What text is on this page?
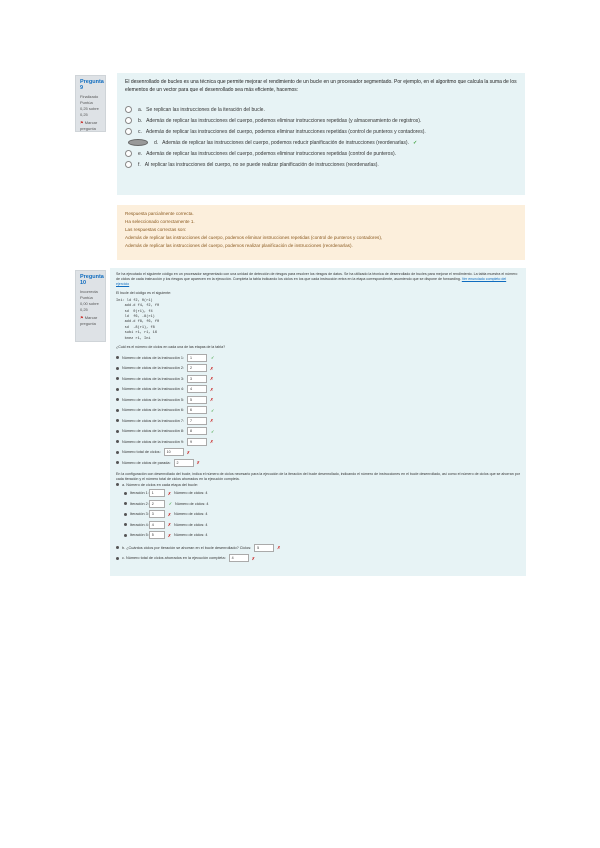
Pregunta 9
Finalizado
Puntúa 0,25 sobre 0,25
⚑ Marcar pregunta
El desenrollado de bucles es una técnica que permite mejorar el rendimiento de un bucle en un procesador segmentado. Por ejemplo, en el algoritmo que calcula la suma de los elementos de un vector para que el desenrollado sea más eficiente, hacemos:
a. Se replican las instrucciones de la iteración del bucle.
b. Además de replicar las instrucciones del cuerpo, podemos eliminar instrucciones repetidas (y almacenamiento de registros).
c. Además de replicar las instrucciones del cuerpo, podemos eliminar instrucciones repetidas (control de punteros y contadores).
d. Además de replicar las instrucciones del cuerpo, podemos reducir planificación de instrucciones (reordenarlas). ✓
e. Además de replicar las instrucciones del cuerpo, podemos eliminar instrucciones repetidas (control de punteros).
f. Al replicar las instrucciones del cuerpo, no se puede realizar planificación de instrucciones (reordenarlas).
Respuesta parcialmente correcta.
Ha seleccionado correctamente 1.
Las respuestas correctas son:
Además de replicar las instrucciones del cuerpo, podemos eliminar instrucciones repetidas (control de punteros y contadores),
Además de replicar las instrucciones del cuerpo, podemos realizar planificación de instrucciones (reordenarlas).
Pregunta 10
Incorrecta
Puntúa 0,00 sobre 0,25
⚑ Marcar pregunta
Se ha ejecutado el siguiente código en un procesador segmentado con una unidad de detección de riesgos para resolver los riesgos de datos. Se ha utilizado la técnica de desenrollado de bucles para mejorar el rendimiento. La tabla muestra el número de ciclos de cada instrucción y los riesgos que aparecen en la ejecución. Completa la tabla indicando los ciclos en los que cada instrucción entra en la etapa correspondiente, asumiendo que se dispone de forwarding. Ver enunciado completo del ejercicio
El bucle del código es el siguiente:
Ini: ld f2, 0(r1)
add.d f4, f2, f0
sd  0(r1), f4
ld  f6, -8(r1)
add.d f8, f6, f0
sd  -8(r1), f8
subi r1, r1, 16
bnez r1, Ini
¿Cuál es el número de ciclos en cada una de las etapas de la tabla?
Número de ciclos de la instrucción 1:	1	✓
Número de ciclos de la instrucción 2:	2	✗
Número de ciclos de la instrucción 3:	3	✗
Número de ciclos de la instrucción 4:	4	✗
Número de ciclos de la instrucción 5:	5	✗
Número de ciclos de la instrucción 6:	6	✓
Número de ciclos de la instrucción 7:	7	✗
Número de ciclos de la instrucción 8:	8	✓
Número de ciclos de la instrucción 9:	9	✗
Número total de ciclos:	10	✗
Número de ciclos de parada:	2	✗
En la configuración con desenrollado del bucle, indica el número de ciclos necesario para la ejecución de la iteración del bucle desenrollado, indicando el número de instrucciones en el bucle desenrollado, así como el número de ciclos que se ahorran por cada iteración y el número total de ciclos ahorrados en la ejecución completa.
a. Número de ciclos en cada etapa del bucle:
Iteración 1: 1	✗ Número de ciclos: 4
Iteración 2: 2	✓ Número de ciclos: 4
Iteración 3: 3	✗ Número de ciclos: 4
Iteración 4: 4	✗ Número de ciclos: 4
Iteración 5: 5	✗ Número de ciclos: 4
b. ¿Cuántos ciclos por iteración se ahorran en el bucle desenrollado? Ciclos:	5	✗
c. Número total de ciclos ahorrados en la ejecución completa:	4	✗
